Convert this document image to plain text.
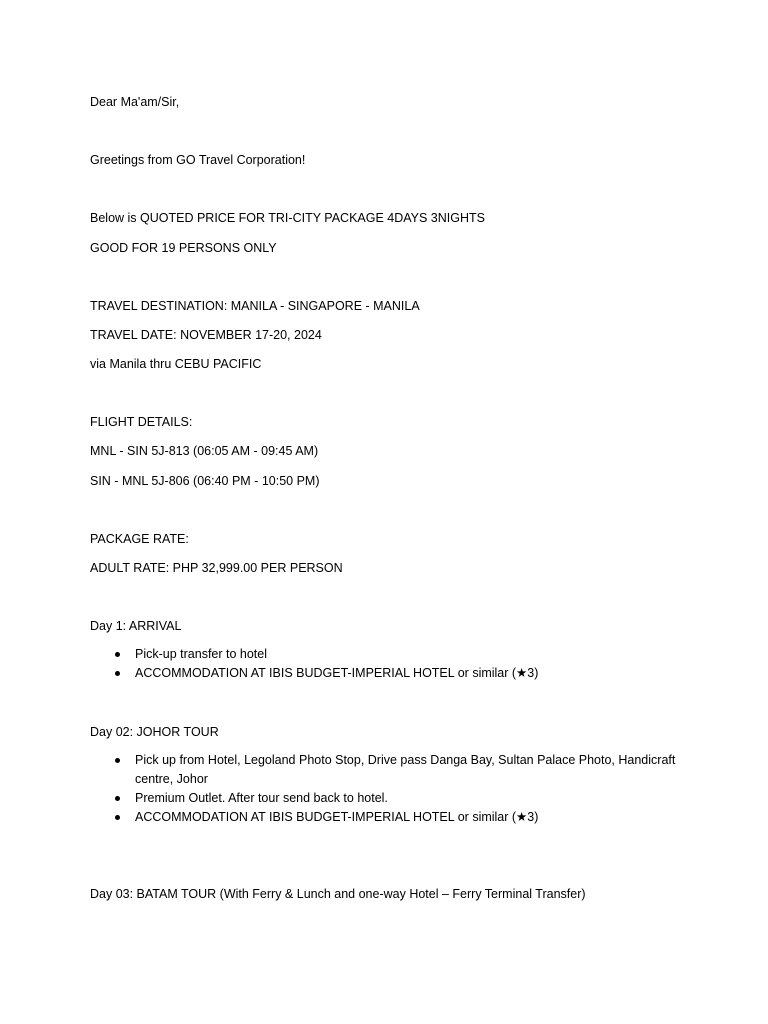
Dear Ma'am/Sir,
Greetings from GO Travel Corporation!
Below is QUOTED PRICE FOR TRI-CITY PACKAGE 4DAYS 3NIGHTS
GOOD FOR 19 PERSONS ONLY
TRAVEL DESTINATION: MANILA - SINGAPORE - MANILA
TRAVEL DATE: NOVEMBER 17-20, 2024
via Manila thru CEBU PACIFIC
FLIGHT DETAILS:
MNL - SIN 5J-813 (06:05 AM - 09:45 AM)
SIN - MNL 5J-806 (06:40 PM - 10:50 PM)
PACKAGE RATE:
ADULT RATE: PHP 32,999.00 PER PERSON
Day 1: ARRIVAL
Pick-up transfer to hotel
ACCOMMODATION AT IBIS BUDGET-IMPERIAL HOTEL or similar (★3)
Day 02: JOHOR TOUR
Pick up from Hotel, Legoland Photo Stop, Drive pass Danga Bay, Sultan Palace Photo, Handicraft centre, Johor
Premium Outlet. After tour send back to hotel.
ACCOMMODATION AT IBIS BUDGET-IMPERIAL HOTEL or similar (★3)
Day 03: BATAM TOUR (With Ferry & Lunch and one-way Hotel – Ferry Terminal Transfer)
